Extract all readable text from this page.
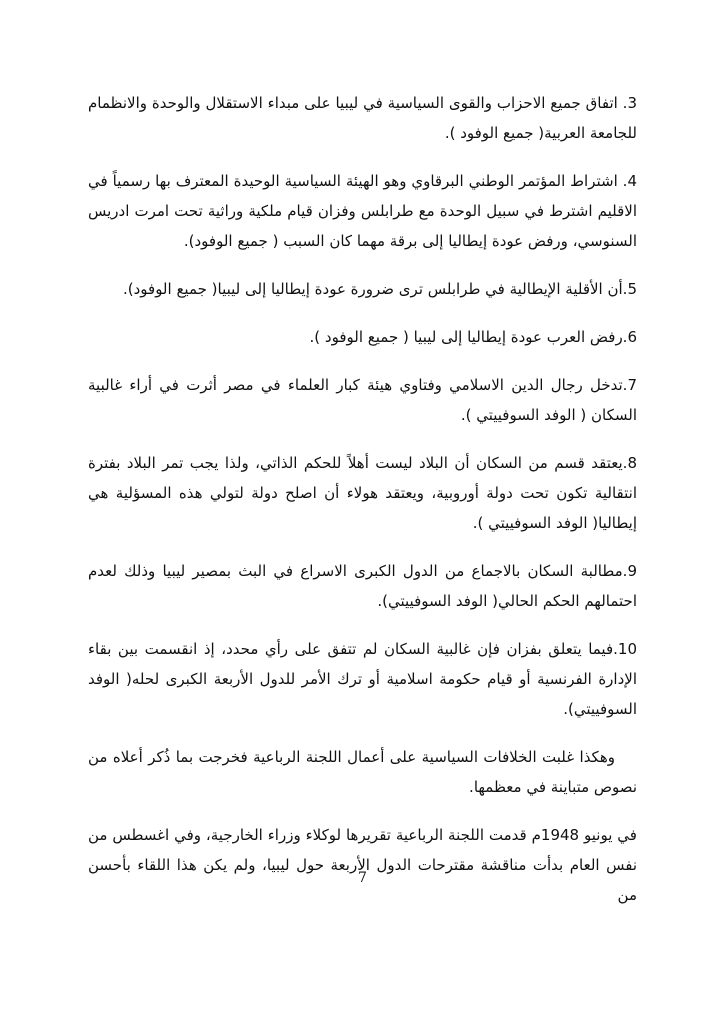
3. اتفاق جميع الاحزاب والقوى السياسية في ليبيا على مبداء الاستقلال والوحدة والانظمام للجامعة العربية( جميع الوفود ).

4. اشتراط المؤتمر الوطني البرقاوي وهو الهيئة السياسية الوحيدة المعترف بها رسمياً في الاقليم اشترط في سبيل الوحدة مع طرابلس وفزان قيام ملكية وراثية تحت امرت ادريس السنوسي، ورفض عودة إيطاليا إلى برقة مهما كان السبب ( جميع الوفود).

5.أن الأقلية الإيطالية في طرابلس ترى ضرورة عودة إيطاليا إلى ليبيا( جميع الوفود).

6.رفض العرب عودة إيطاليا إلى ليبيا ( جميع الوفود ).

7.تدخل رجال الدين الاسلامي وفتاوي هيئة كبار العلماء في مصر أثرت في أراء غالبية السكان ( الوفد السوفييتي ).

8.يعتقد قسم من السكان أن البلاد ليست أهلاً للحكم الذاتي، ولذا يجب تمر البلاد بفترة انتقالية تكون تحت دولة أوروبية، ويعتقد هولاء أن اصلح دولة لتولي هذه المسؤلية هي إيطاليا( الوفد السوفييتي ).

9.مطالبة السكان بالاجماع من الدول الكبرى الاسراع في البث بمصير ليبيا وذلك لعدم احتمالهم الحكم الحالي( الوفد السوفييتي).

10.فيما يتعلق بفزان فإن غالبية السكان لم تتفق على رأي محدد، إذ انقسمت بين بقاء الإدارة الفرنسية أو قيام حكومة اسلامية أو ترك الأمر للدول الأربعة الكبرى لحله( الوفد السوفييتي).

وهكذا غلبت الخلافات السياسية على أعمال اللجنة الرباعية فخرجت بما ذُكر أعلاه من نصوص متباينة في معظمها.

في يونيو 1948م قدمت اللجنة الرباعية تقريرها لوكلاء وزراء الخارجية، وفي اغسطس من نفس العام بدأت مناقشة مقترحات الدول الأربعة حول ليبيا، ولم يكن هذا اللقاء بأحسن من

7
